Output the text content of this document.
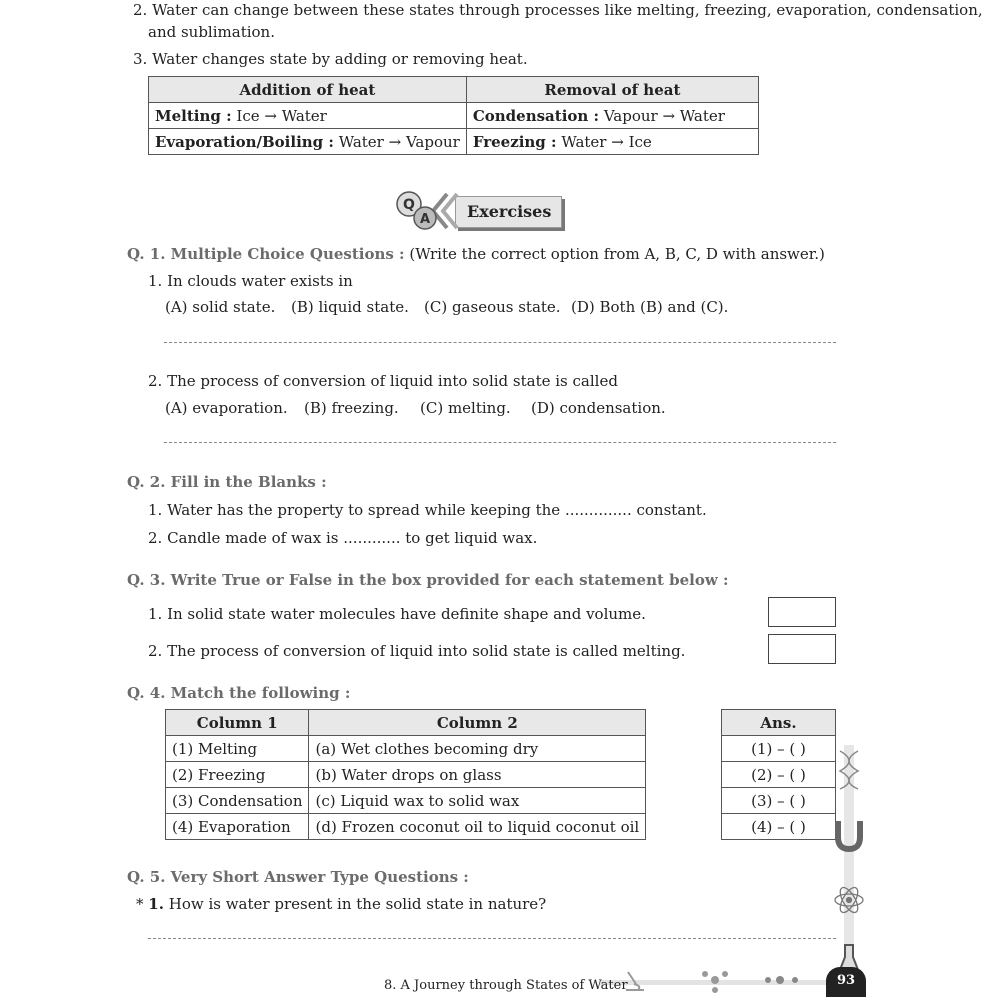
2. Water can change between these states through processes like melting, freezing, evaporation, condensation,
and sublimation.
3. Water changes state by adding or removing heat.
Addition of heat	Removal of heat
Melting : Ice → Water	Condensation : Vapour → Water
Evaporation/Boiling : Water → Vapour	Freezing : Water → Ice
Q
A Exercises
Q. 1. Multiple Choice Questions : (Write the correct option from A, B, C, D with answer.)
1. In clouds water exists in
(A) solid state. (B) liquid state. (C) gaseous state. (D) Both (B) and (C).
2. The process of conversion of liquid into solid state is called
(A) evaporation. (B) freezing. (C) melting. (D) condensation.
Q. 2. Fill in the Blanks :
1. Water has the property to spread while keeping the .............. constant.
2. Candle made of wax is ............ to get liquid wax.
Q. 3. Write True or False in the box provided for each statement below :
1. In solid state water molecules have definite shape and volume.
2. The process of conversion of liquid into solid state is called melting.
Q. 4. Match the following :
Column 1	Column 2
(1) Melting	(a) Wet clothes becoming dry
(2) Freezing	(b) Water drops on glass
(3) Condensation	(c) Liquid wax to solid wax
(4) Evaporation	(d) Frozen coconut oil to liquid coconut oil
Ans.
(1) – ( )
(2) – ( )
(3) – ( )
(4) – ( )
Q. 5. Very Short Answer Type Questions :
* 1. How is water present in the solid state in nature?
8. A Journey through States of Water	93
